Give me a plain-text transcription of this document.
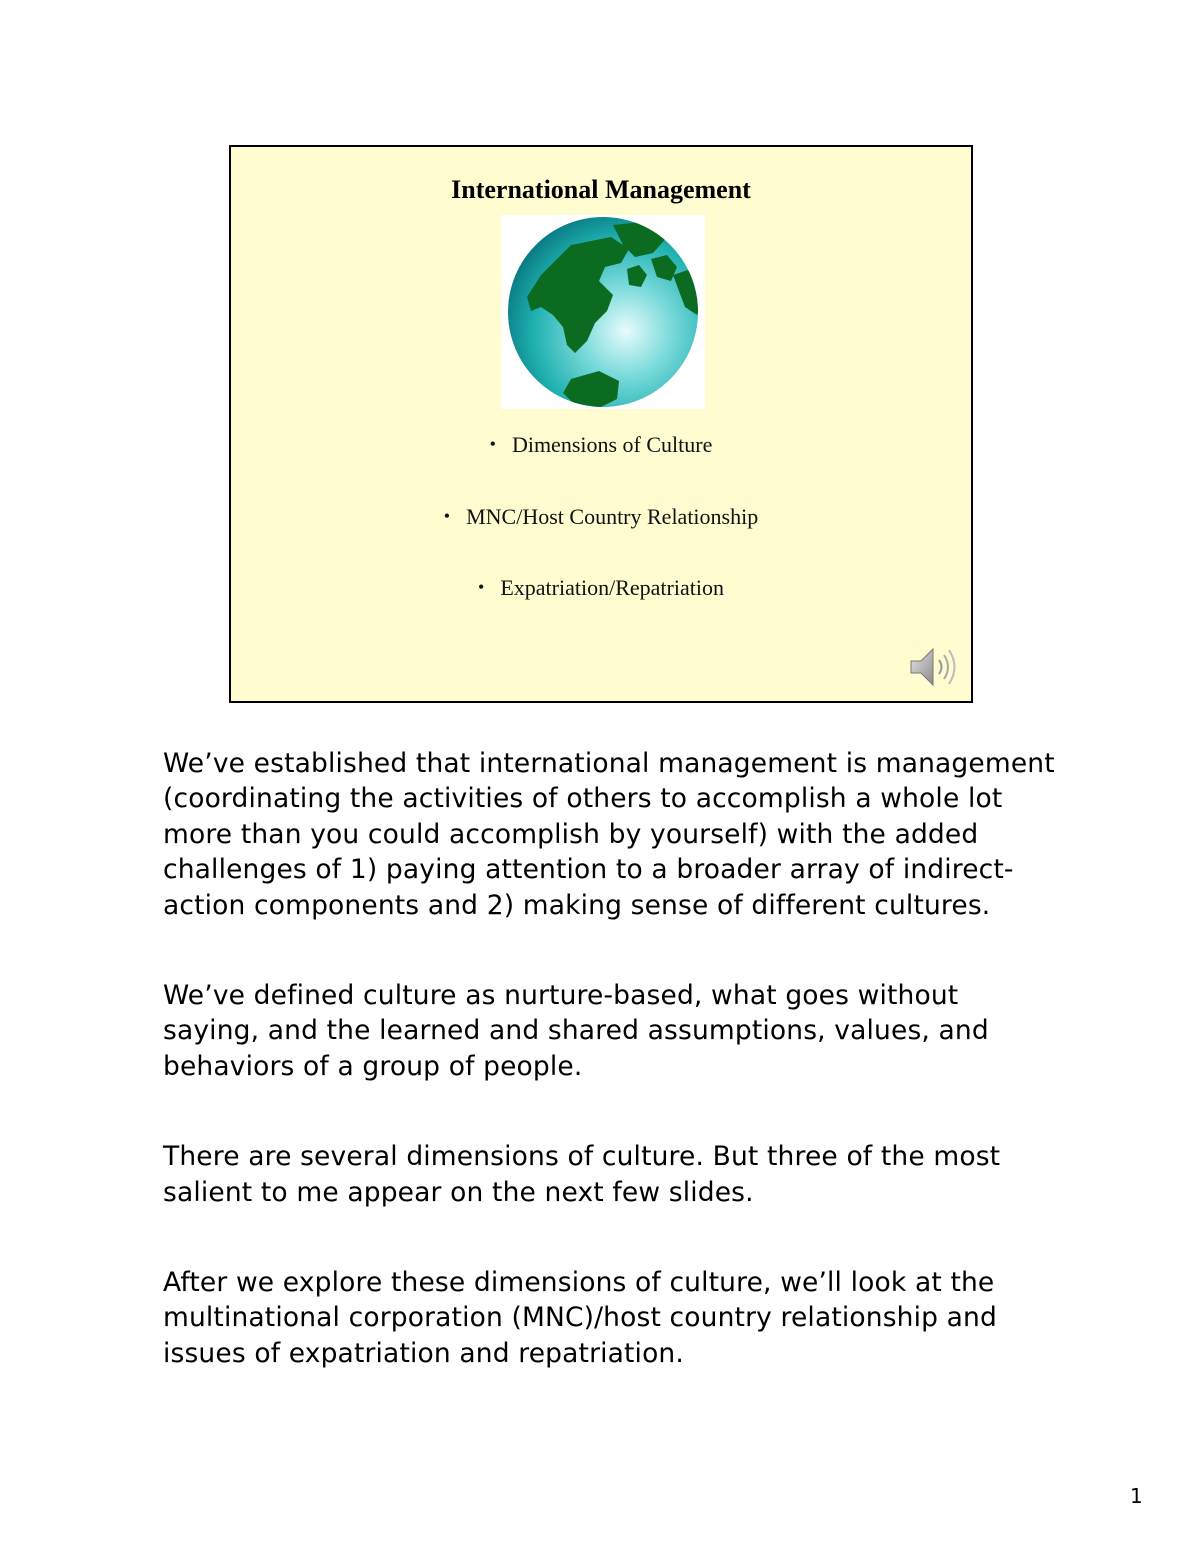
International Management
• Dimensions of Culture
• MNC/Host Country Relationship
• Expatriation/Repatriation

We’ve established that international management is management (coordinating the activities of others to accomplish a whole lot more than you could accomplish by yourself) with the added challenges of 1) paying attention to a broader array of indirect-action components and 2) making sense of different cultures.

We’ve defined culture as nurture-based, what goes without saying, and the learned and shared assumptions, values, and behaviors of a group of people.

There are several dimensions of culture. But three of the most salient to me appear on the next few slides.

After we explore these dimensions of culture, we’ll look at the multinational corporation (MNC)/host country relationship and issues of expatriation and repatriation.

1
